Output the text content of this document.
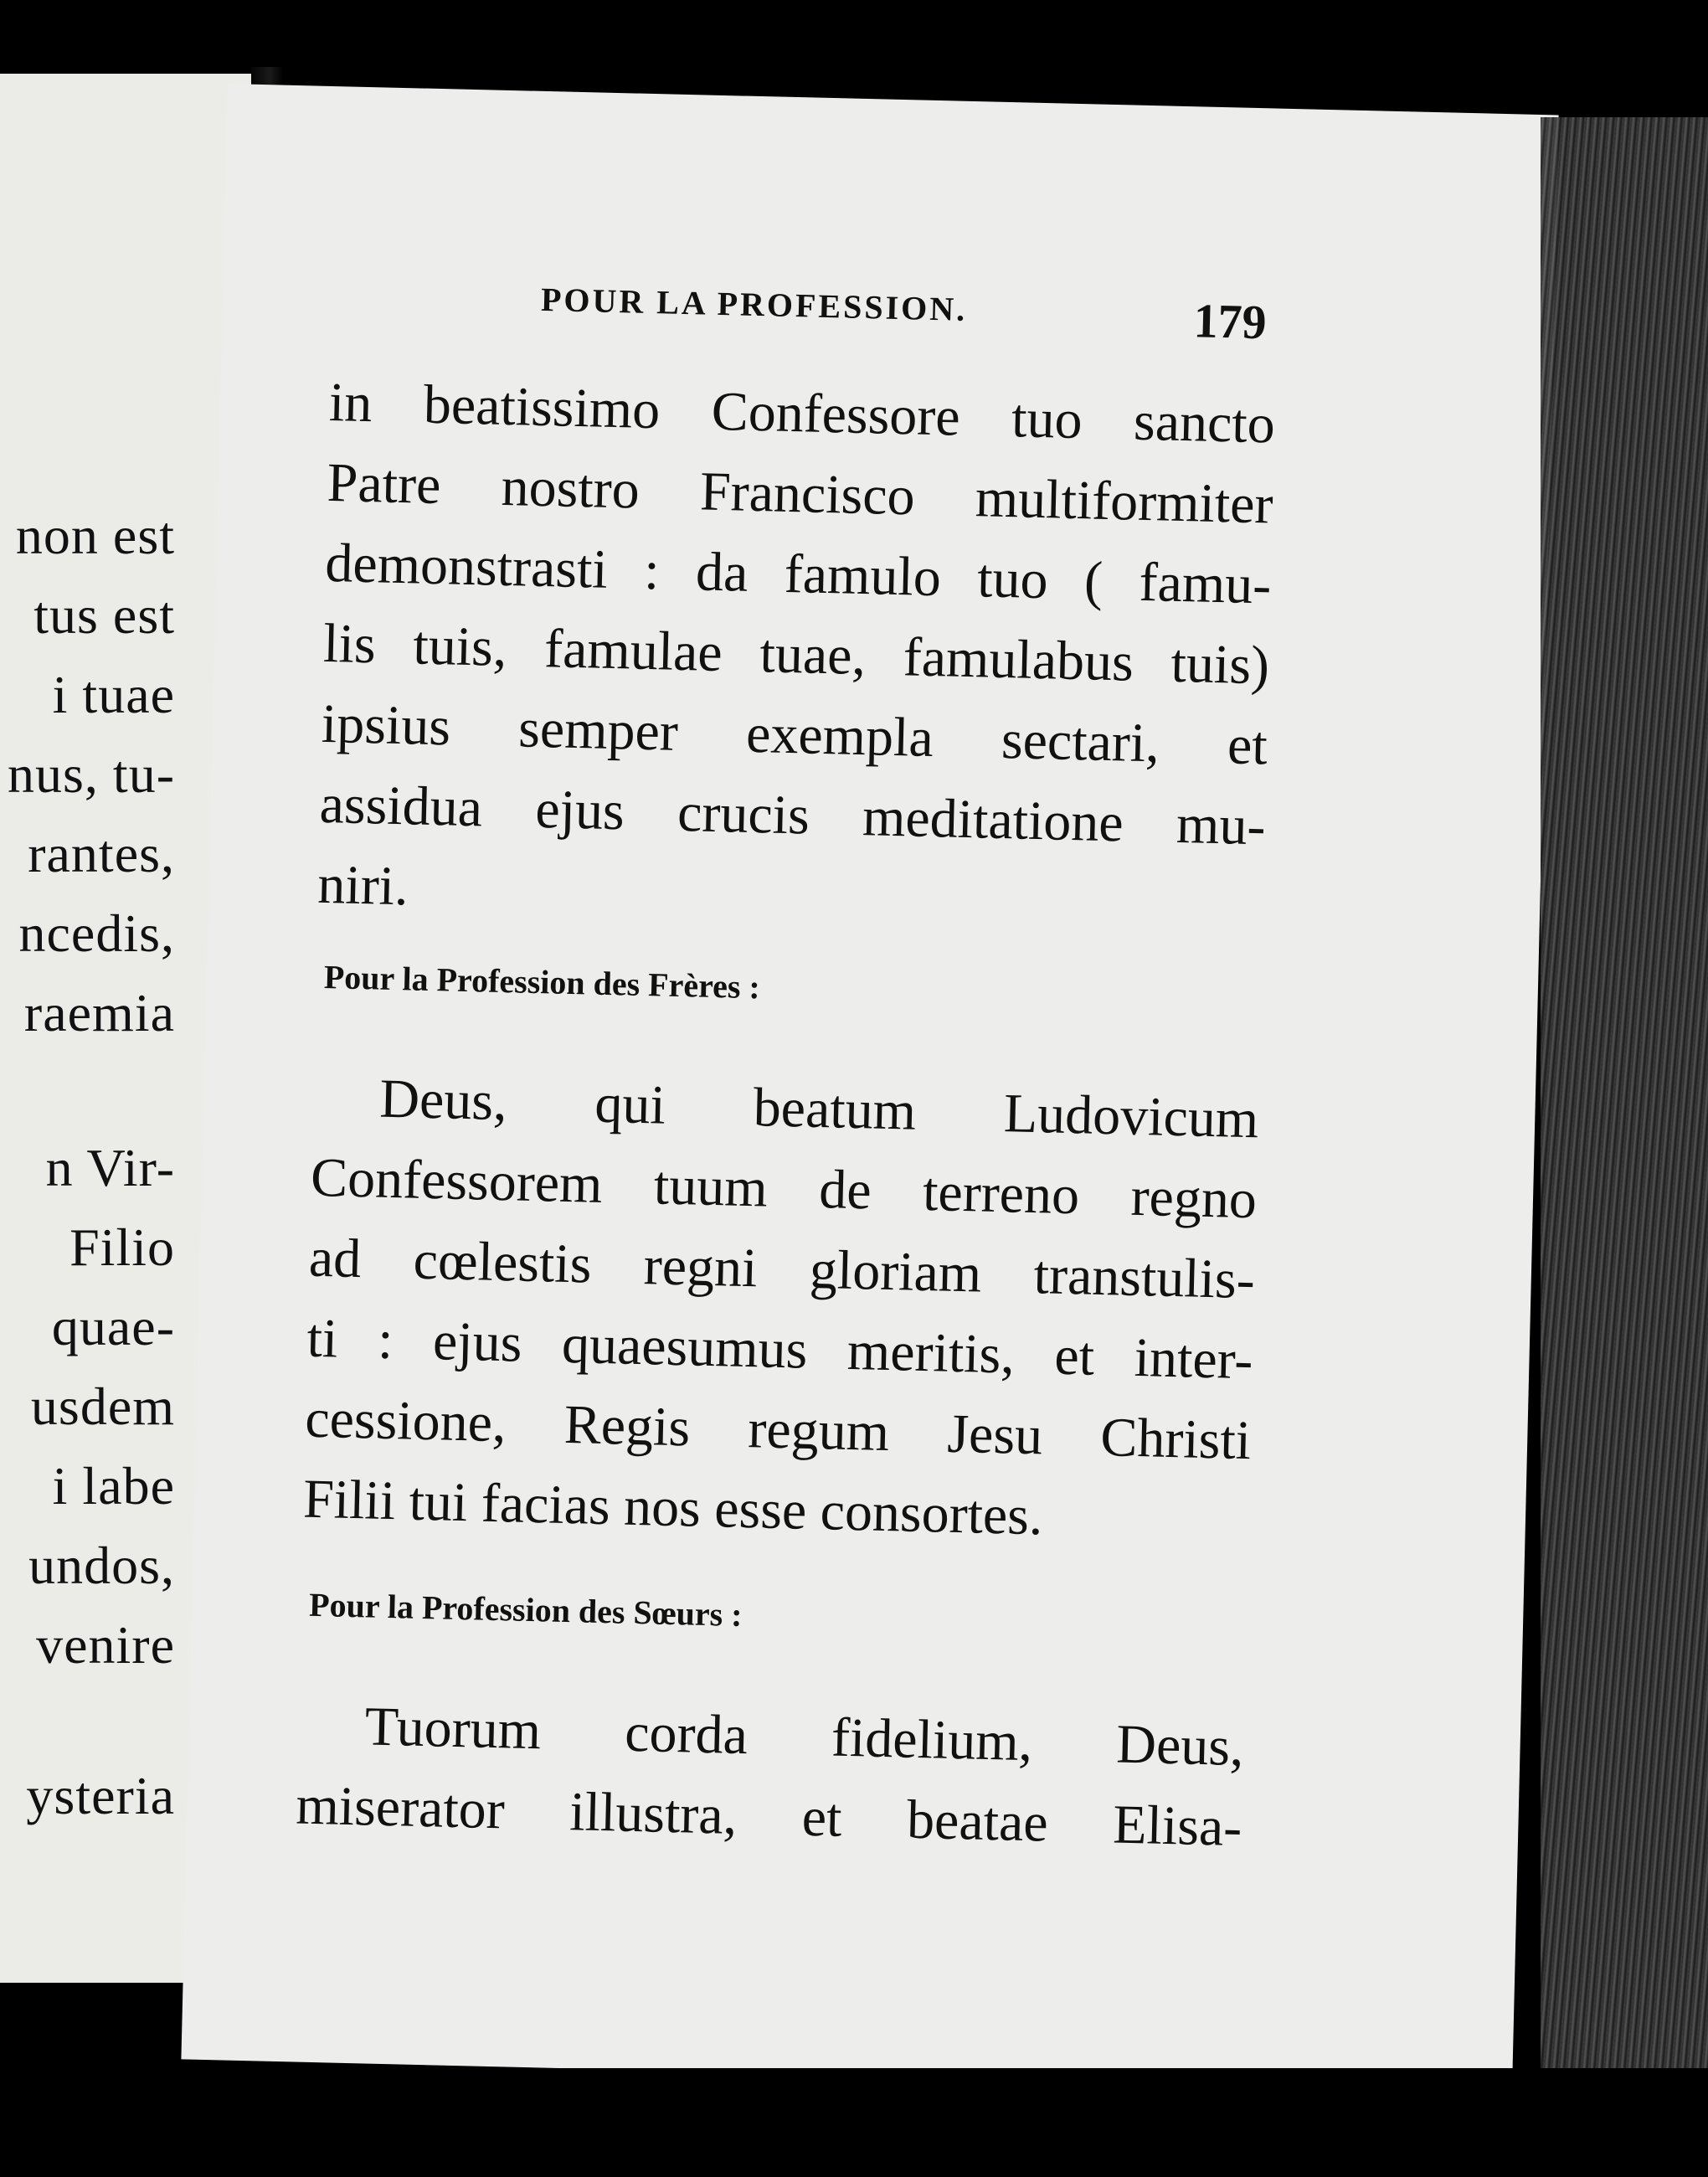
non est
tus est
i tuae
nus, tu-
rantes,
ncedis,
raemia
n Vir-
Filio
quae-
usdem
i labe
undos,
venire
ysteria
POUR LA PROFESSION.	179
in beatissimo Confessore tuo sancto
Patre nostro Francisco multiformiter
demonstrasti : da famulo tuo ( famu-
lis tuis, famulae tuae, famulabus tuis)
ipsius semper exempla sectari, et
assidua ejus crucis meditatione mu-
niri.
Pour la Profession des Frères :
Deus, qui beatum Ludovicum
Confessorem tuum de terreno regno
ad cœlestis regni gloriam transtulis-
ti : ejus quaesumus meritis, et inter-
cessione, Regis regum Jesu Christi
Filii tui facias nos esse consortes.
Pour la Profession des Sœurs :
Tuorum corda fidelium, Deus,
miserator illustra, et beatae Elisa-
